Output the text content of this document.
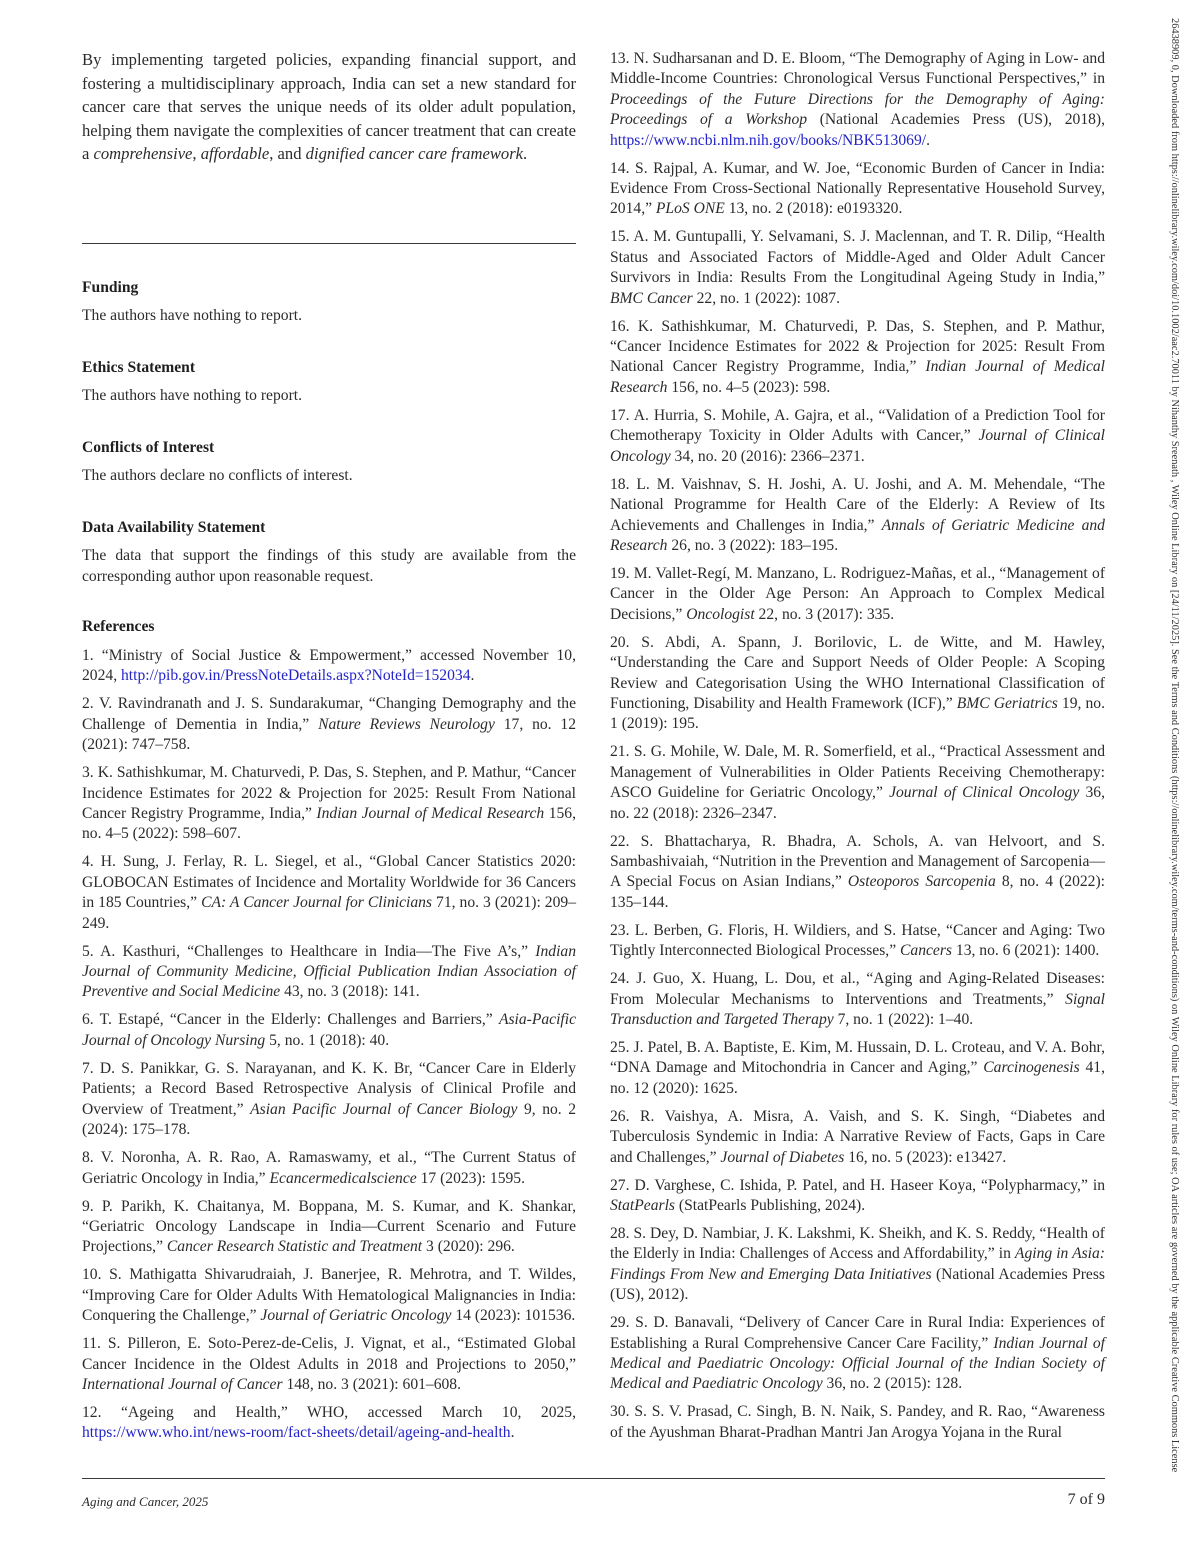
By implementing targeted policies, expanding financial support, and fostering a multidisciplinary approach, India can set a new standard for cancer care that serves the unique needs of its older adult population, helping them navigate the complexities of cancer treatment that can create a comprehensive, affordable, and dignified cancer care framework.

Funding

The authors have nothing to report.

Ethics Statement

The authors have nothing to report.

Conflicts of Interest

The authors declare no conflicts of interest.

Data Availability Statement

The data that support the findings of this study are available from the corresponding author upon reasonable request.

References

1. “Ministry of Social Justice & Empowerment,” accessed November 10, 2024, http://pib.gov.in/PressNoteDetails.aspx?NoteId=152034.

2. V. Ravindranath and J. S. Sundarakumar, “Changing Demography and the Challenge of Dementia in India,” Nature Reviews Neurology 17, no. 12 (2021): 747–758.

3. K. Sathishkumar, M. Chaturvedi, P. Das, S. Stephen, and P. Mathur, “Cancer Incidence Estimates for 2022 & Projection for 2025: Result From National Cancer Registry Programme, India,” Indian Journal of Medical Research 156, no. 4–5 (2022): 598–607.

4. H. Sung, J. Ferlay, R. L. Siegel, et al., “Global Cancer Statistics 2020: GLOBOCAN Estimates of Incidence and Mortality Worldwide for 36 Cancers in 185 Countries,” CA: A Cancer Journal for Clinicians 71, no. 3 (2021): 209–249.

5. A. Kasthuri, “Challenges to Healthcare in India—The Five A’s,” Indian Journal of Community Medicine, Official Publication Indian Association of Preventive and Social Medicine 43, no. 3 (2018): 141.

6. T. Estapé, “Cancer in the Elderly: Challenges and Barriers,” Asia-Pacific Journal of Oncology Nursing 5, no. 1 (2018): 40.

7. D. S. Panikkar, G. S. Narayanan, and K. K. Br, “Cancer Care in Elderly Patients; a Record Based Retrospective Analysis of Clinical Profile and Overview of Treatment,” Asian Pacific Journal of Cancer Biology 9, no. 2 (2024): 175–178.

8. V. Noronha, A. R. Rao, A. Ramaswamy, et al., “The Current Status of Geriatric Oncology in India,” Ecancermedicalscience 17 (2023): 1595.

9. P. Parikh, K. Chaitanya, M. Boppana, M. S. Kumar, and K. Shankar, “Geriatric Oncology Landscape in India—Current Scenario and Future Projections,” Cancer Research Statistic and Treatment 3 (2020): 296.

10. S. Mathigatta Shivarudraiah, J. Banerjee, R. Mehrotra, and T. Wildes, “Improving Care for Older Adults With Hematological Malignancies in India: Conquering the Challenge,” Journal of Geriatric Oncology 14 (2023): 101536.

11. S. Pilleron, E. Soto-Perez-de-Celis, J. Vignat, et al., “Estimated Global Cancer Incidence in the Oldest Adults in 2018 and Projections to 2050,” International Journal of Cancer 148, no. 3 (2021): 601–608.

12. “Ageing and Health,” WHO, accessed March 10, 2025, https://www.who.int/news-room/fact-sheets/detail/ageing-and-health.

13. N. Sudharsanan and D. E. Bloom, “The Demography of Aging in Low- and Middle-Income Countries: Chronological Versus Functional Perspectives,” in Proceedings of the Future Directions for the Demography of Aging: Proceedings of a Workshop (National Academies Press (US), 2018), https://www.ncbi.nlm.nih.gov/books/NBK513069/.

14. S. Rajpal, A. Kumar, and W. Joe, “Economic Burden of Cancer in India: Evidence From Cross-Sectional Nationally Representative Household Survey, 2014,” PLoS ONE 13, no. 2 (2018): e0193320.

15. A. M. Guntupalli, Y. Selvamani, S. J. Maclennan, and T. R. Dilip, “Health Status and Associated Factors of Middle-Aged and Older Adult Cancer Survivors in India: Results From the Longitudinal Ageing Study in India,” BMC Cancer 22, no. 1 (2022): 1087.

16. K. Sathishkumar, M. Chaturvedi, P. Das, S. Stephen, and P. Mathur, “Cancer Incidence Estimates for 2022 & Projection for 2025: Result From National Cancer Registry Programme, India,” Indian Journal of Medical Research 156, no. 4–5 (2023): 598.

17. A. Hurria, S. Mohile, A. Gajra, et al., “Validation of a Prediction Tool for Chemotherapy Toxicity in Older Adults with Cancer,” Journal of Clinical Oncology 34, no. 20 (2016): 2366–2371.

18. L. M. Vaishnav, S. H. Joshi, A. U. Joshi, and A. M. Mehendale, “The National Programme for Health Care of the Elderly: A Review of Its Achievements and Challenges in India,” Annals of Geriatric Medicine and Research 26, no. 3 (2022): 183–195.

19. M. Vallet-Regí, M. Manzano, L. Rodriguez-Mañas, et al., “Management of Cancer in the Older Age Person: An Approach to Complex Medical Decisions,” Oncologist 22, no. 3 (2017): 335.

20. S. Abdi, A. Spann, J. Borilovic, L. de Witte, and M. Hawley, “Understanding the Care and Support Needs of Older People: A Scoping Review and Categorisation Using the WHO International Classification of Functioning, Disability and Health Framework (ICF),” BMC Geriatrics 19, no. 1 (2019): 195.

21. S. G. Mohile, W. Dale, M. R. Somerfield, et al., “Practical Assessment and Management of Vulnerabilities in Older Patients Receiving Chemotherapy: ASCO Guideline for Geriatric Oncology,” Journal of Clinical Oncology 36, no. 22 (2018): 2326–2347.

22. S. Bhattacharya, R. Bhadra, A. Schols, A. van Helvoort, and S. Sambashivaiah, “Nutrition in the Prevention and Management of Sarcopenia—A Special Focus on Asian Indians,” Osteoporos Sarcopenia 8, no. 4 (2022): 135–144.

23. L. Berben, G. Floris, H. Wildiers, and S. Hatse, “Cancer and Aging: Two Tightly Interconnected Biological Processes,” Cancers 13, no. 6 (2021): 1400.

24. J. Guo, X. Huang, L. Dou, et al., “Aging and Aging-Related Diseases: From Molecular Mechanisms to Interventions and Treatments,” Signal Transduction and Targeted Therapy 7, no. 1 (2022): 1–40.

25. J. Patel, B. A. Baptiste, E. Kim, M. Hussain, D. L. Croteau, and V. A. Bohr, “DNA Damage and Mitochondria in Cancer and Aging,” Carcinogenesis 41, no. 12 (2020): 1625.

26. R. Vaishya, A. Misra, A. Vaish, and S. K. Singh, “Diabetes and Tuberculosis Syndemic in India: A Narrative Review of Facts, Gaps in Care and Challenges,” Journal of Diabetes 16, no. 5 (2023): e13427.

27. D. Varghese, C. Ishida, P. Patel, and H. Haseer Koya, “Polypharmacy,” in StatPearls (StatPearls Publishing, 2024).

28. S. Dey, D. Nambiar, J. K. Lakshmi, K. Sheikh, and K. S. Reddy, “Health of the Elderly in India: Challenges of Access and Affordability,” in Aging in Asia: Findings From New and Emerging Data Initiatives (National Academies Press (US), 2012).

29. S. D. Banavali, “Delivery of Cancer Care in Rural India: Experiences of Establishing a Rural Comprehensive Cancer Care Facility,” Indian Journal of Medical and Paediatric Oncology: Official Journal of the Indian Society of Medical and Paediatric Oncology 36, no. 2 (2015): 128.

30. S. S. V. Prasad, C. Singh, B. N. Naik, S. Pandey, and R. Rao, “Awareness of the Ayushman Bharat-Pradhan Mantri Jan Arogya Yojana in the Rural

Aging and Cancer, 2025	7 of 9
26438909, 0, Downloaded from https://onlinelibrary.wiley.com/doi/10.1002/aac2.70011 by Nihanthy Sreenath , Wiley Online Library on [24/11/2025]. See the Terms and Conditions (https://onlinelibrary.wiley.com/terms-and-conditions) on Wiley Online Library for rules of use; OA articles are governed by the applicable Creative Commons License
